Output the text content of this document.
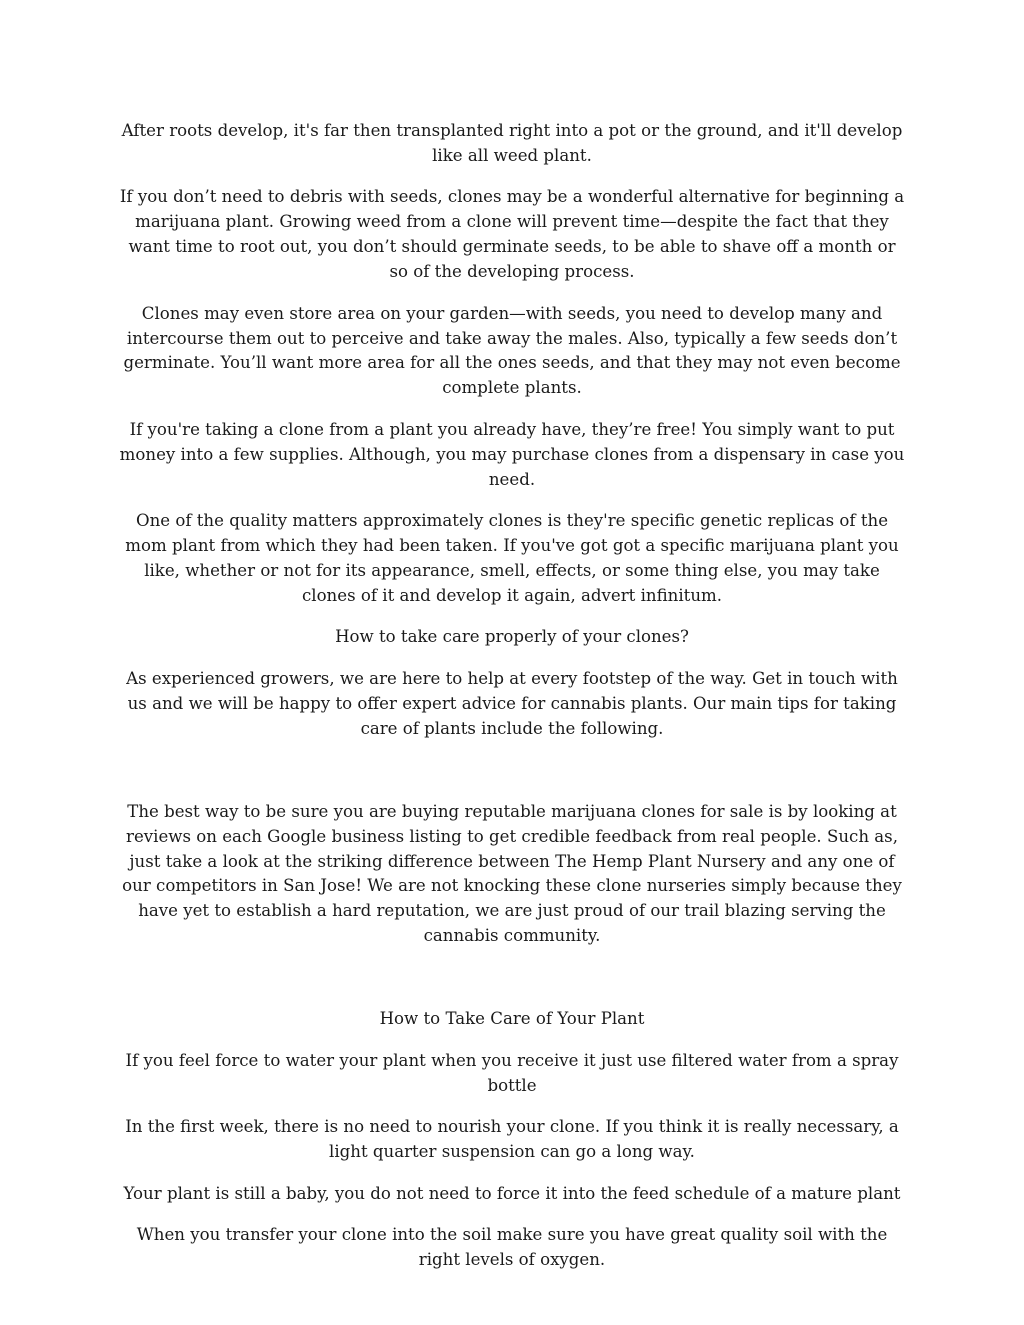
After roots develop, it's far then transplanted right into a pot or the ground, and it'll develop like all weed plant.

If you don’t need to debris with seeds, clones may be a wonderful alternative for beginning a marijuana plant. Growing weed from a clone will prevent time—despite the fact that they want time to root out, you don’t should germinate seeds, to be able to shave off a month or so of the developing process.

Clones may even store area on your garden—with seeds, you need to develop many and intercourse them out to perceive and take away the males. Also, typically a few seeds don’t germinate. You’ll want more area for all the ones seeds, and that they may not even become complete plants.

If you're taking a clone from a plant you already have, they’re free! You simply want to put money into a few supplies. Although, you may purchase clones from a dispensary in case you need.

One of the quality matters approximately clones is they're specific genetic replicas of the mom plant from which they had been taken. If you've got got a specific marijuana plant you like, whether or not for its appearance, smell, effects, or some thing else, you may take clones of it and develop it again, advert infinitum.

How to take care properly of your clones?

As experienced growers, we are here to help at every footstep of the way. Get in touch with us and we will be happy to offer expert advice for cannabis plants. Our main tips for taking care of plants include the following.

The best way to be sure you are buying reputable marijuana clones for sale is by looking at reviews on each Google business listing to get credible feedback from real people. Such as, just take a look at the striking difference between The Hemp Plant Nursery and any one of our competitors in San Jose! We are not knocking these clone nurseries simply because they have yet to establish a hard reputation, we are just proud of our trail blazing serving the cannabis community.

How to Take Care of Your Plant

If you feel force to water your plant when you receive it just use filtered water from a spray bottle

In the first week, there is no need to nourish your clone. If you think it is really necessary, a light quarter suspension can go a long way.

Your plant is still a baby, you do not need to force it into the feed schedule of a mature plant

When you transfer your clone into the soil make sure you have great quality soil with the right levels of oxygen.
